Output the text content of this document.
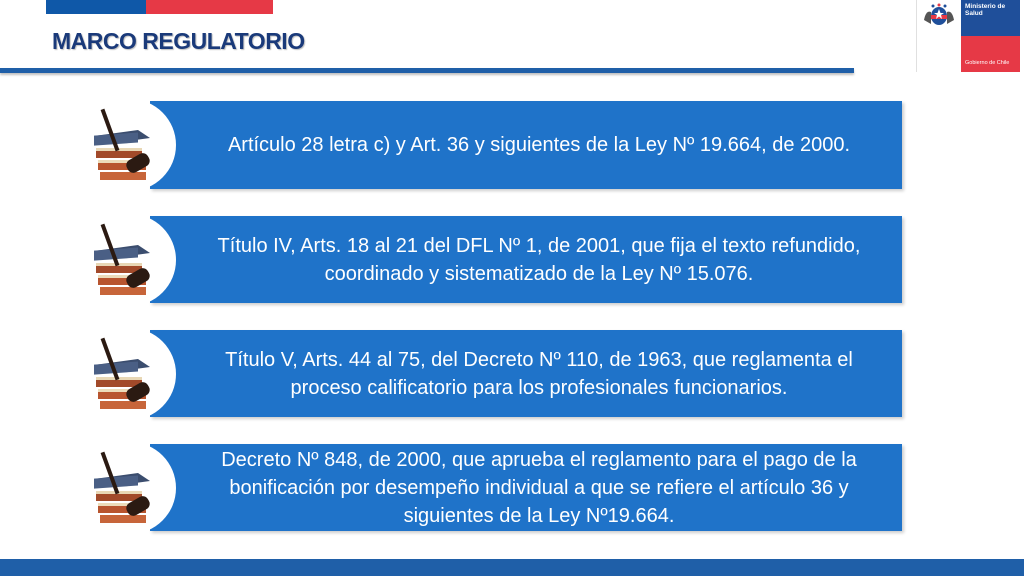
MARCO REGULATORIO
Ministerio de Salud
Gobierno de Chile
Artículo 28 letra c) y Art. 36 y siguientes de la Ley Nº 19.664, de 2000.
Título IV, Arts. 18 al 21 del DFL Nº 1, de 2001, que fija el texto refundido, coordinado y sistematizado de la Ley Nº 15.076.
Título V, Arts. 44 al 75, del Decreto Nº 110, de 1963, que reglamenta el proceso calificatorio para los profesionales funcionarios.
Decreto Nº 848, de 2000, que aprueba el reglamento para el pago de la bonificación por desempeño individual a que se refiere el artículo 36 y siguientes de la Ley Nº19.664.
